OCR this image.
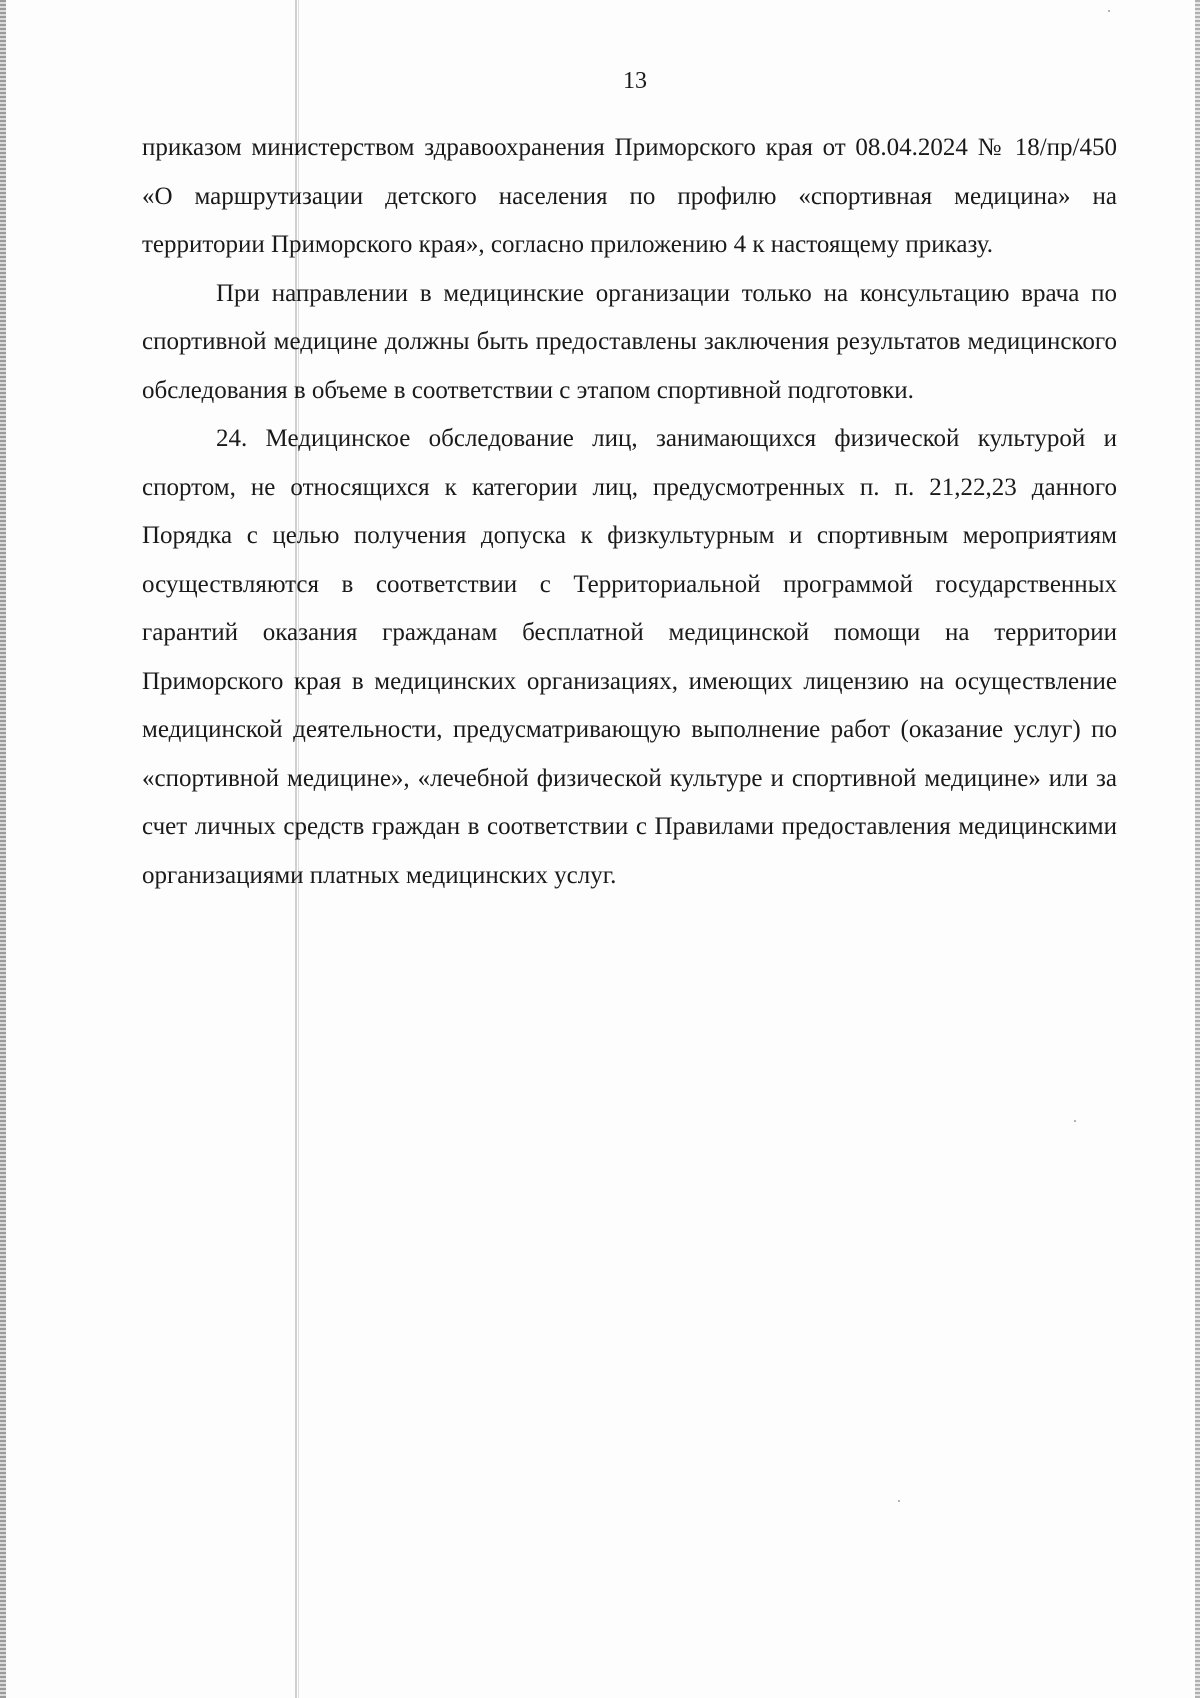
13

приказом министерством здравоохранения Приморского края от 08.04.2024 № 18/пр/450 «О маршрутизации детского населения по профилю «спортивная медицина» на территории Приморского края», согласно приложению 4 к настоящему приказу.

При направлении в медицинские организации только на консультацию врача по спортивной медицине должны быть предоставлены заключения результатов медицинского обследования в объеме в соответствии с этапом спортивной подготовки.

24. Медицинское обследование лиц, занимающихся физической культурой и спортом, не относящихся к категории лиц, предусмотренных п. п. 21,22,23 данного Порядка с целью получения допуска к физкультурным и спортивным мероприятиям осуществляются в соответствии с Территориальной программой государственных гарантий оказания гражданам бесплатной медицинской помощи на территории Приморского края в медицинских организациях, имеющих лицензию на осуществление медицинской деятельности, предусматривающую выполнение работ (оказание услуг) по «спортивной медицине», «лечебной физической культуре и спортивной медицине» или за счет личных средств граждан в соответствии с Правилами предоставления медицинскими организациями платных медицинских услуг.
